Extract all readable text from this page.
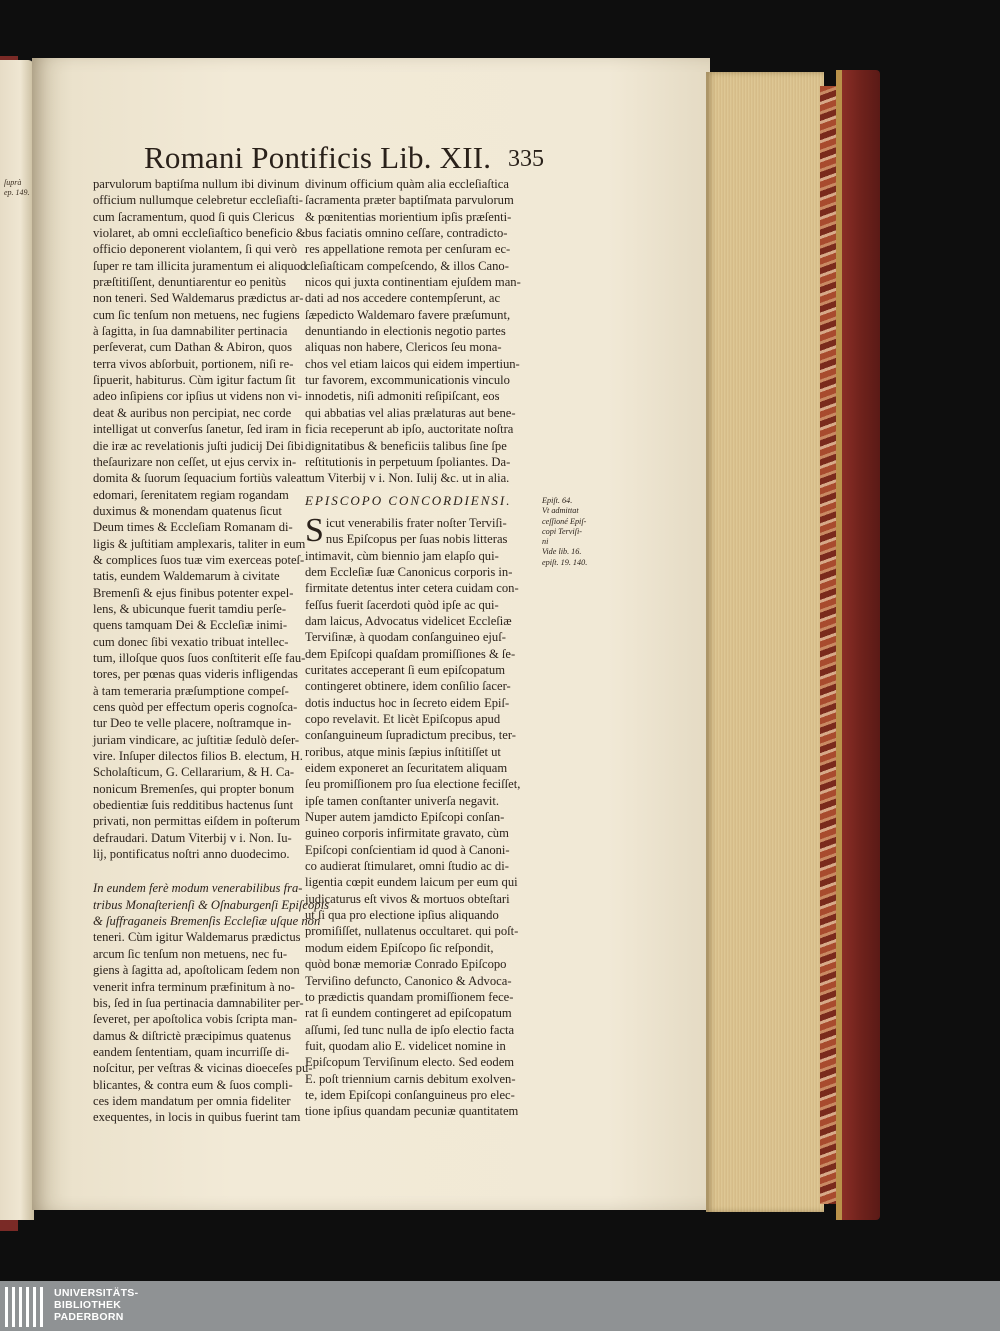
ſuprà
ep. 149.
Romani Pontificis Lib. XII. 335

parvulorum baptiſma nullum ibi divinum

officium nullumque celebretur eccleſiaſti-

cum ſacramentum, quod ſi quis Clericus

violaret, ab omni eccleſiaſtico beneficio &

officio deponerent violantem, ſi qui verò

ſuper re tam illicita juramentum ei aliquod

præſtitiſſent, denuntiarentur eo penitùs

non teneri. Sed Waldemarus prædictus ar-

cum ſic tenſum non metuens, nec fugiens

à ſagitta, in ſua damnabiliter pertinacia

perſeverat, cum Dathan & Abiron, quos

terra vivos abſorbuit, portionem, niſi re-

ſipuerit, habiturus. Cùm igitur factum ſit

adeo inſipiens cor ipſius ut videns non vi-

deat & auribus non percipiat, nec corde

intelligat ut converſus ſanetur, ſed iram in

die iræ ac revelationis juſti judicij Dei ſibi

theſaurizare non ceſſet, ut ejus cervix in-

domita & ſuorum ſequacium fortiùs valeat

edomari, ſerenitatem regiam rogandam

duximus & monendam quatenus ſicut

Deum times & Eccleſiam Romanam di-

ligis & juſtitiam amplexaris, taliter in eum

& complices ſuos tuæ vim exerceas poteſ-

tatis, eundem Waldemarum à civitate

Bremenſi & ejus finibus potenter expel-

lens, & ubicunque fuerit tamdiu perſe-

quens tamquam Dei & Eccleſiæ inimi-

cum donec ſibi vexatio tribuat intellec-

tum, illoſque quos ſuos conſtiterit eſſe fau-

tores, per pœnas quas videris infligendas

à tam temeraria præſumptione compeſ-

cens quòd per effectum operis cognoſca-

tur Deo te velle placere, noſtramque in-

juriam vindicare, ac juſtitiæ ſedulò deſer-

vire. Inſuper dilectos filios B. electum, H.

Scholaſticum, G. Cellararium, & H. Ca-

nonicum Bremenſes, qui propter bonum

obedientiæ ſuis redditibus hactenus ſunt

privati, non permittas eiſdem in poſterum

defraudari. Datum Viterbij v i. Non. Iu-

lij, pontificatus noſtri anno duodecimo.

In eundem ferè modum venerabilibus fra-

tribus Monaſterienſi & Oſnaburgenſi Epiſcopis

& ſuffraganeis Bremenſis Eccleſiæ uſque non

teneri. Cùm igitur Waldemarus prædictus

arcum ſic tenſum non metuens, nec fu-

giens à ſagitta ad, apoſtolicam ſedem non

venerit infra terminum præfinitum à no-

bis, ſed in ſua pertinacia damnabiliter per-

ſeveret, per apoſtolica vobis ſcripta man-

damus & diſtrictè præcipimus quatenus

eandem ſententiam, quam incurriſſe di-

noſcitur, per veſtras & vicinas dioeceſes pu-

blicantes, & contra eum & ſuos compli-

ces idem mandatum per omnia fideliter

exequentes, in locis in quibus fuerint tam

divinum officium quàm alia eccleſiaſtica

ſacramenta præter baptiſmata parvulorum

& pœnitentias morientium ipſis præſenti-

bus faciatis omnino ceſſare, contradicto-

res appellatione remota per cenſuram ec-

cleſiaſticam compeſcendo, & illos Cano-

nicos qui juxta continentiam ejuſdem man-

dati ad nos accedere contempſerunt, ac

ſæpedicto Waldemaro favere præſumunt,

denuntiando in electionis negotio partes

aliquas non habere, Clericos ſeu mona-

chos vel etiam laicos qui eidem impertiun-

tur favorem, excommunicationis vinculo

innodetis, niſi admoniti reſipiſcant, eos

qui abbatias vel alias prælaturas aut bene-

ficia receperunt ab ipſo, auctoritate noſtra

dignitatibus & beneficiis talibus ſine ſpe

reſtitutionis in perpetuum ſpoliantes. Da-

tum Viterbij v i. Non. Iulij &c. ut in alia.

EPISCOPO CONCORDIENSI.

S icut venerabilis frater noſter Terviſi-

nus Epiſcopus per ſuas nobis litteras

intimavit, cùm biennio jam elapſo qui-

dem Eccleſiæ ſuæ Canonicus corporis in-

firmitate detentus inter cetera cuidam con-

feſſus fuerit ſacerdoti quòd ipſe ac qui-

dam laicus, Advocatus videlicet Eccleſiæ

Terviſinæ, à quodam conſanguineo ejuſ-

dem Epiſcopi quaſdam promiſſiones & ſe-

curitates acceperant ſi eum epiſcopatum

contingeret obtinere, idem conſilio ſacer-

dotis inductus hoc in ſecreto eidem Epiſ-

copo revelavit. Et licèt Epiſcopus apud

conſanguineum ſupradictum precibus, ter-

roribus, atque minis ſæpius inſtitiſſet ut

eidem exponeret an ſecuritatem aliquam

ſeu promiſſionem pro ſua electione feciſſet,

ipſe tamen conſtanter univerſa negavit.

Nuper autem jamdicto Epiſcopi conſan-

guineo corporis infirmitate gravato, cùm

Epiſcopi conſcientiam id quod à Canoni-

co audierat ſtimularet, omni ſtudio ac di-

ligentia cœpit eundem laicum per eum qui

judicaturus eſt vivos & mortuos obteſtari

ut ſi qua pro electione ipſius aliquando

promiſiſſet, nullatenus occultaret. qui poſt-

modum eidem Epiſcopo ſic reſpondit,

quòd bonæ memoriæ Conrado Epiſcopo

Terviſino defuncto, Canonico & Advoca-

to prædictis quandam promiſſionem fece-

rat ſi eundem contingeret ad epiſcopatum

aſſumi, ſed tunc nulla de ipſo electio facta

fuit, quodam alio E. videlicet nomine in

Epiſcopum Terviſinum electo. Sed eodem

E. poſt triennium carnis debitum exolven-

te, idem Epiſcopi conſanguineus pro elec-

tione ipſius quandam pecuniæ quantitatem

Epiſt. 64.

Vt admittat

ceſſioné Epiſ-

copi Terviſi-

ni

Vide lib. 16.

epiſt. 19. 140.

UNIVERSITÄTS-
BIBLIOTHEK
PADERBORN
